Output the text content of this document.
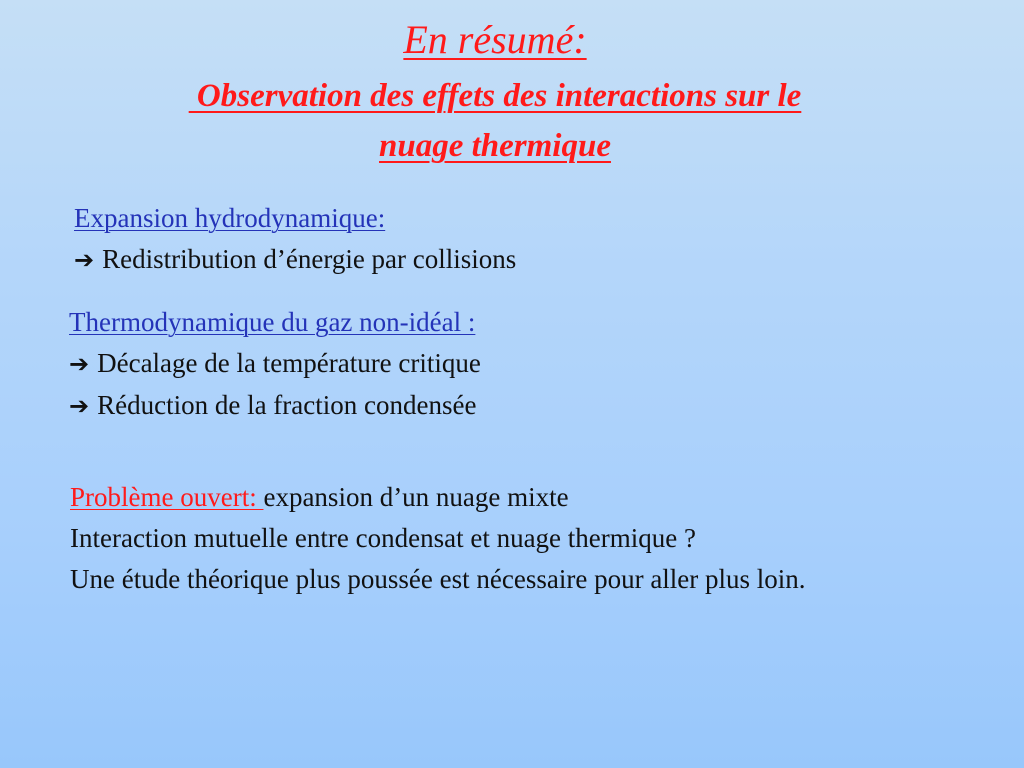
En résumé:
Observation des effets des interactions sur le
nuage thermique
Expansion hydrodynamique:
➔ Redistribution d’énergie par collisions
Thermodynamique du gaz non-idéal :
➔ Décalage de la température critique
➔ Réduction de la fraction condensée
Problème ouvert: expansion d’un nuage mixte
Interaction mutuelle entre condensat et nuage thermique ?
Une étude théorique plus poussée est nécessaire pour aller plus loin.
